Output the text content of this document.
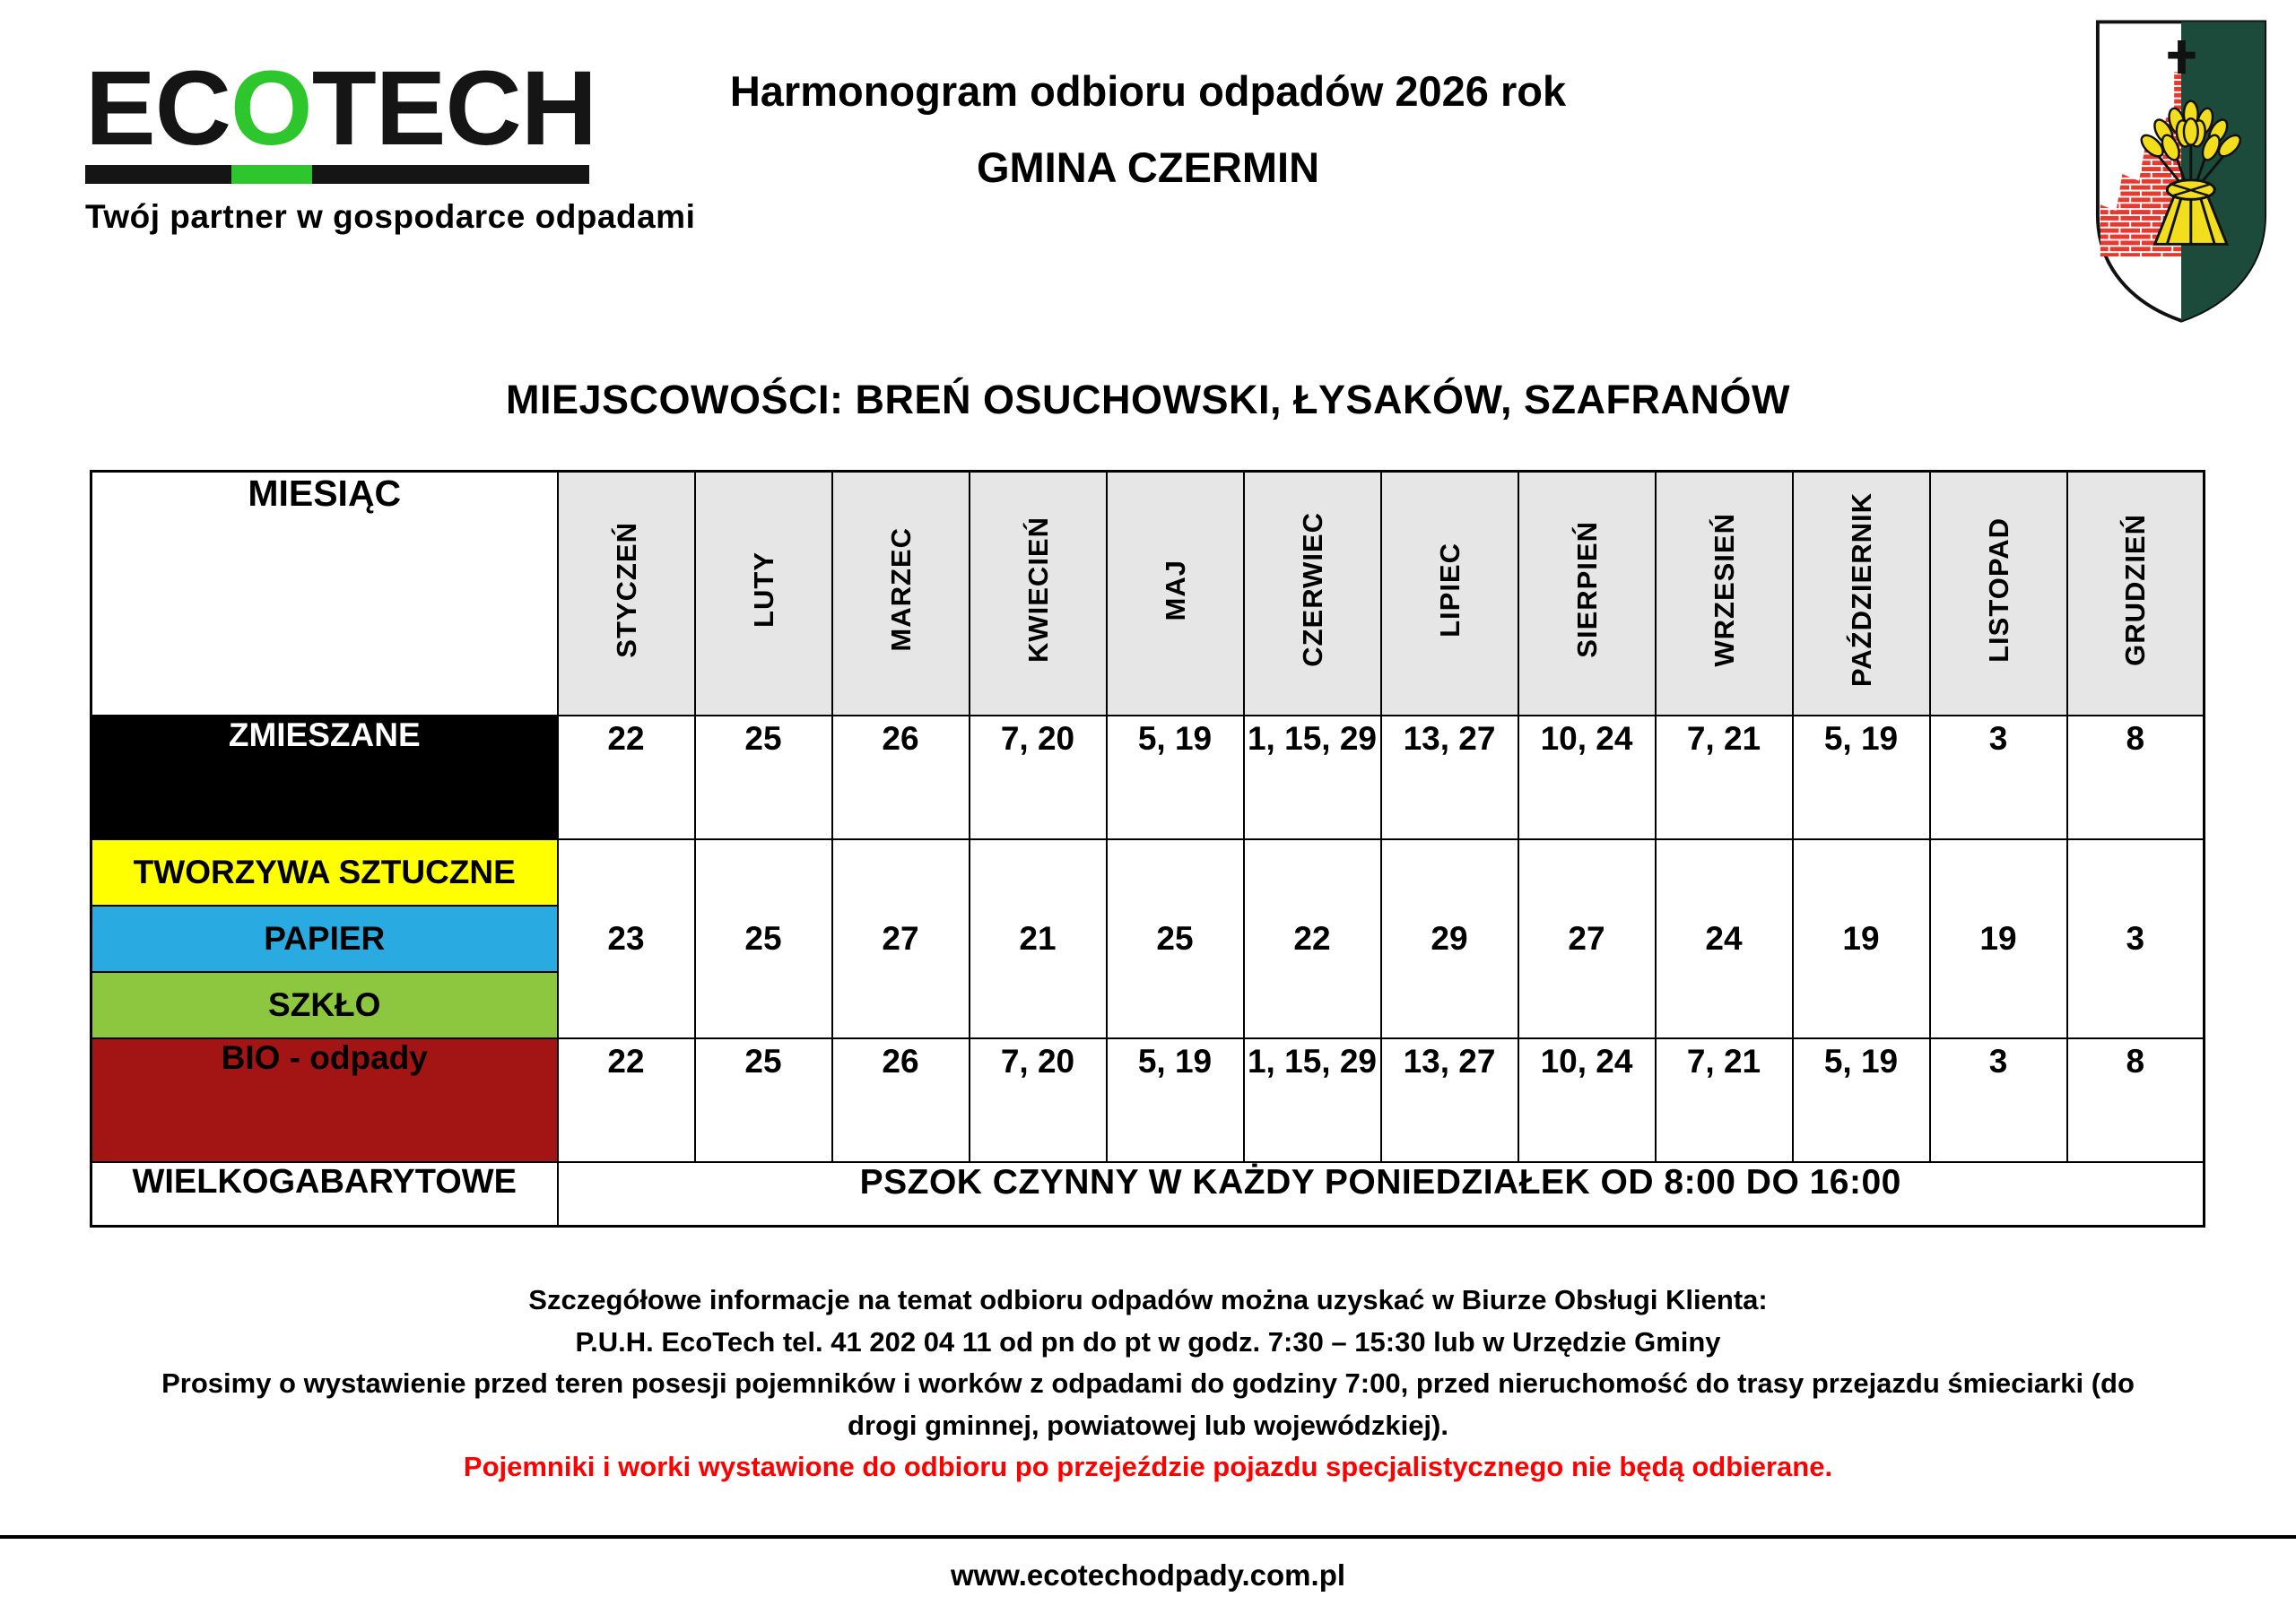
ECOTECH
Twój partner w gospodarce odpadami
Harmonogram odbioru odpadów 2026 rok
GMINA CZERMIN
MIEJSCOWOŚCI: BREŃ OSUCHOWSKI, ŁYSAKÓW, SZAFRANÓW
MIESIĄC	STYCZEŃ	LUTY	MARZEC	KWIECIEŃ	MAJ	CZERWIEC	LIPIEC	SIERPIEŃ	WRZESIEŃ	PAŹDZIERNIK	LISTOPAD	GRUDZIEŃ
ZMIESZANE	22	25	26	7, 20	5, 19	1, 15, 29	13, 27	10, 24	7, 21	5, 19	3	8
TWORZYWA SZTUCZNE	23	25	27	21	25	22	29	27	24	19	19	3
PAPIER												
SZKŁO												
BIO - odpady	22	25	26	7, 20	5, 19	1, 15, 29	13, 27	10, 24	7, 21	5, 19	3	8
WIELKOGABARYTOWE	PSZOK CZYNNY W KAŻDY PONIEDZIAŁEK OD 8:00 DO 16:00											

Szczegółowe informacje na temat odbioru odpadów można uzyskać w Biurze Obsługi Klienta:

P.U.H. EcoTech tel. 41 202 04 11 od pn do pt w godz. 7:30 – 15:30 lub w Urzędzie Gminy

Prosimy o wystawienie przed teren posesji pojemników i worków z odpadami do godziny 7:00, przed nieruchomość do trasy przejazdu śmieciarki (do drogi gminnej, powiatowej lub wojewódzkiej).

Pojemniki i worki wystawione do odbioru po przejeździe pojazdu specjalistycznego nie będą odbierane.

www.ecotechodpady.com.pl
